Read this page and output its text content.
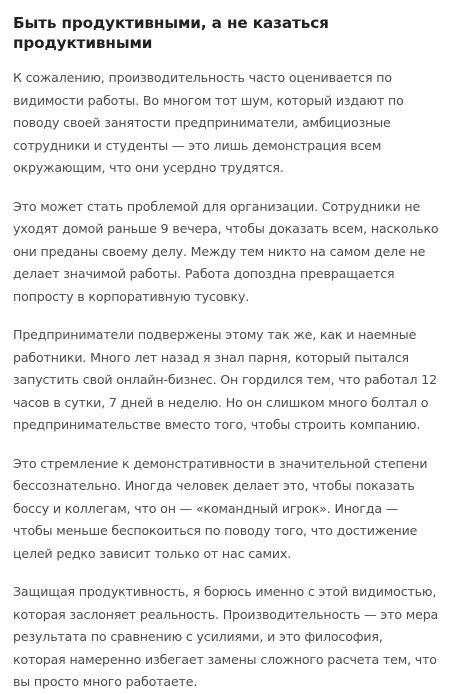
Быть продуктивными, а не казаться продуктивными

К сожалению, производительность часто оценивается по видимости работы. Во многом тот шум, который издают по поводу своей занятости предприниматели, амбициозные сотрудники и студенты — это лишь демонстрация всем окружающим, что они усердно трудятся.

Это может стать проблемой для организации. Сотрудники не уходят домой раньше 9 вечера, чтобы доказать всем, насколько они преданы своему делу. Между тем никто на самом деле не делает значимой работы. Работа допоздна превращается попросту в корпоративную тусовку.

Предприниматели подвержены этому так же, как и наемные работники. Много лет назад я знал парня, который пытался запустить свой онлайн-бизнес. Он гордился тем, что работал 12 часов в сутки, 7 дней в неделю. Но он слишком много болтал о предпринимательстве вместо того, чтобы строить компанию.

Это стремление к демонстративности в значительной степени бессознательно. Иногда человек делает это, чтобы показать боссу и коллегам, что он — «командный игрок». Иногда — чтобы меньше беспокоиться по поводу того, что достижение целей редко зависит только от нас самих.

Защищая продуктивность, я борюсь именно с этой видимостью, которая заслоняет реальность. Производительность — это мера результата по сравнению с усилиями, и это философия, которая намеренно избегает замены сложного расчета тем, что вы просто много работаете.
